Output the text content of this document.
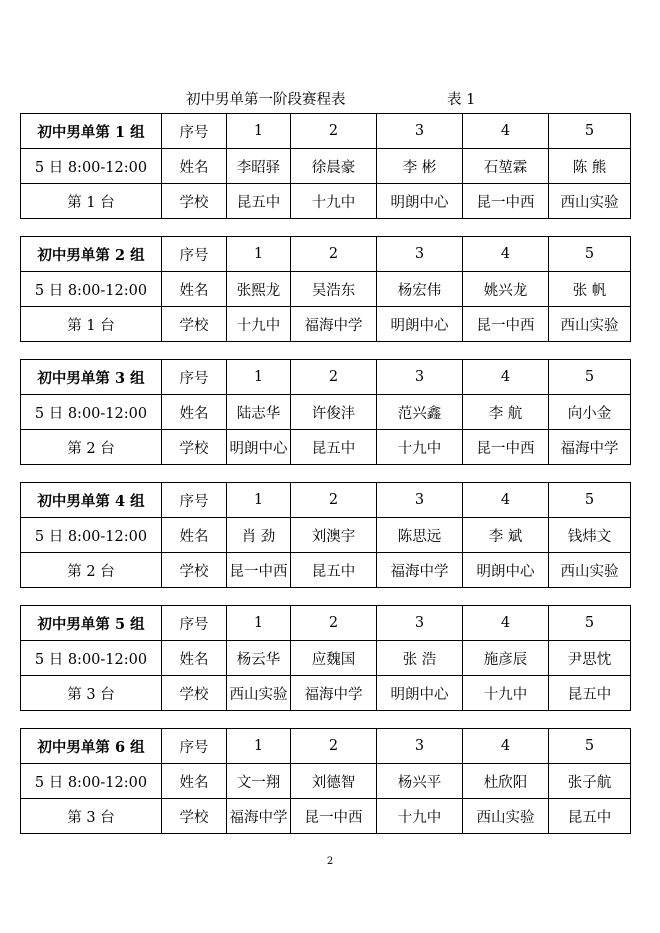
初中男单第一阶段赛程表	表 1
初中男单第 1 组	序号	1	2	3	4	5
5 日 8:00-12:00	姓名	李昭驿	徐晨豪	李 彬	石堃霖	陈 熊
第 1 台	学校	昆五中	十九中	明朗中心	昆一中西	西山实验
初中男单第 2 组	序号	1	2	3	4	5
5 日 8:00-12:00	姓名	张熙龙	吴浩东	杨宏伟	姚兴龙	张 帆
第 1 台	学校	十九中	福海中学	明朗中心	昆一中西	西山实验
初中男单第 3 组	序号	1	2	3	4	5
5 日 8:00-12:00	姓名	陆志华	许俊沣	范兴鑫	李 航	向小金
第 2 台	学校	明朗中心	昆五中	十九中	昆一中西	福海中学
初中男单第 4 组	序号	1	2	3	4	5
5 日 8:00-12:00	姓名	肖 劲	刘澳宇	陈思远	李 斌	钱炜文
第 2 台	学校	昆一中西	昆五中	福海中学	明朗中心	西山实验
初中男单第 5 组	序号	1	2	3	4	5
5 日 8:00-12:00	姓名	杨云华	应魏国	张 浩	施彦辰	尹思忱
第 3 台	学校	西山实验	福海中学	明朗中心	十九中	昆五中
初中男单第 6 组	序号	1	2	3	4	5
5 日 8:00-12:00	姓名	文一翔	刘德智	杨兴平	杜欣阳	张子航
第 3 台	学校	福海中学	昆一中西	十九中	西山实验	昆五中
2
